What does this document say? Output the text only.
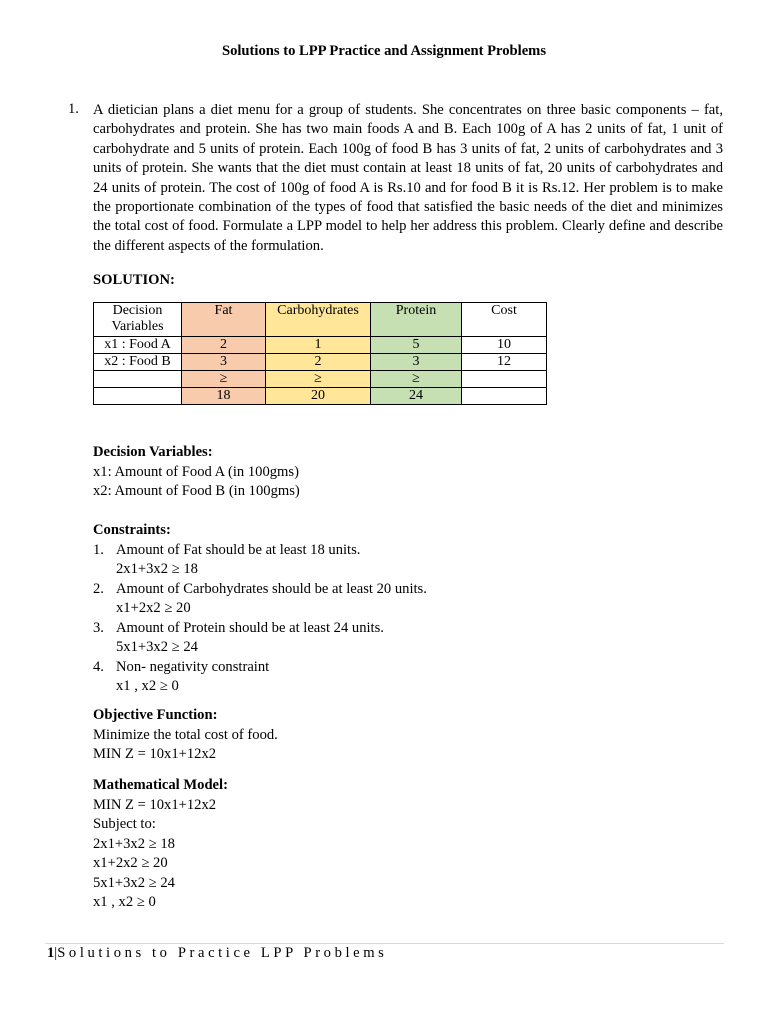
Solutions to LPP Practice and Assignment Problems
1. A dietician plans a diet menu for a group of students. She concentrates on three basic components – fat, carbohydrates and protein. She has two main foods A and B. Each 100g of A has 2 units of fat, 1 unit of carbohydrate and 5 units of protein. Each 100g of food B has 3 units of fat, 2 units of carbohydrates and 3 units of protein. She wants that the diet must contain at least 18 units of fat, 20 units of carbohydrates and 24 units of protein. The cost of 100g of food A is Rs.10 and for food B it is Rs.12. Her problem is to make the proportionate combination of the types of food that satisfied the basic needs of the diet and minimizes the total cost of food. Formulate a LPP model to help her address this problem. Clearly define and describe the different aspects of the formulation.
SOLUTION:
Decision Variables	Fat	Carbohydrates	Protein	Cost
x1 : Food A	2	1	5	10
x2 : Food B	3	2	3	12
	≥	≥	≥	
	18	20	24	
Decision Variables:
x1: Amount of Food A (in 100gms)
x2: Amount of Food B (in 100gms)
Constraints:
1. Amount of Fat should be at least 18 units.
2x1+3x2 ≥ 18
2. Amount of Carbohydrates should be at least 20 units.
x1+2x2 ≥ 20
3. Amount of Protein should be at least 24 units.
5x1+3x2 ≥ 24
4. Non- negativity constraint
x1 , x2 ≥ 0
Objective Function:
Minimize the total cost of food.
MIN Z = 10x1+12x2
Mathematical Model:
MIN Z = 10x1+12x2
Subject to:
2x1+3x2 ≥ 18
x1+2x2 ≥ 20
5x1+3x2 ≥ 24
x1 , x2 ≥ 0
1|Solutions to Practice LPP Problems
